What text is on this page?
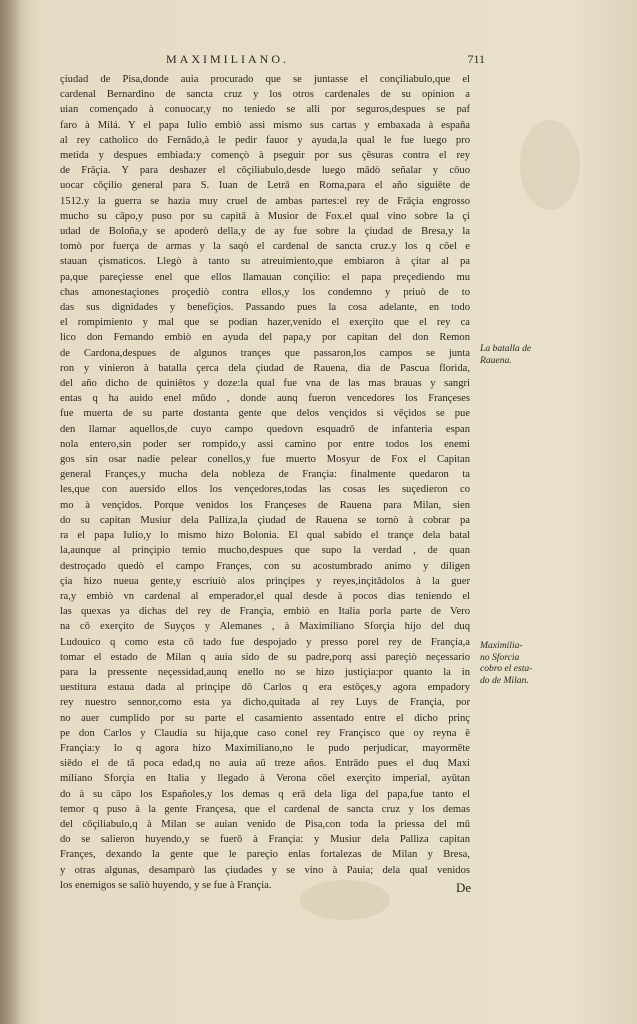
MAXIMILIANO.	711
çiudad de Pisa,donde auia procurado que se juntasse el conçiliabulo,que el
cardenal Bernardino de sancta cruz y los otros cardenales de su opinion a
uian començado à conuocar,y no teniedo se alli por seguros,despues se paf
faro à Milá. Y el papa Iulio embiò assi mismo sus cartas y embaxada à españa
al rey catholico do Fernādo,à le pedir fauor y ayuda,la qual le fue luego pro
metida y despues embiada:y començò à pseguir por sus çēsuras contra el rey
de Frāçia. Y para deshazer el cōçiliabulo,desde luego mādò señalar y cōuo
uocar cōçilio general para S. Iuan de Letrā en Roma,para el año siguiēte de
1512.y la guerra se hazia muy cruel de ambas partes:el rey de Frāçia engrosso
mucho su cāpo,y puso por su capitā à Musior de Fox.el qual vino sobre la çi
udad de Boloña,y se apoderò della,y de ay fue sobre la çiudad de Bresa,y la
tomò por fuerça de armas y la saqò el cardenal de sancta cruz.y los q cōel e
stauan çismaticos. Llegò à tanto su atreuimiento,que embiaron à çitar al pa
pa,que pareçiesse enel que ellos llamauan conçilio: el papa preçediendo mu
chas amonestaçiones proçediò contra ellos,y los condemno y priuò de to
das sus dignidades y benefiçios. Passando pues la cosa adelante, en todo
el rompimiento y mal que se podian hazer,venido el exerçito que el rey ca
lico don Fernando embiò en ayuda del papa,y por capitan del don Remon
de Cardona,despues de algunos trançes que passaron,los campos se junta
ron y vinieron à batalla çerca dela çiudad de Rauena, dia de Pascua florida,
del año dicho de quiniētos y doze:la qual fue vna de las mas brauas y sangri
entas q ha auido enel mūdo , donde aunq fueron vencedores los Françeses
fue muerta de su parte dostanta gente que delos vençidos si vēçidos se pue
den llamar aquellos,de cuyo campo quedovn esquadrō de infanteria espan
nola entero,sin poder ser rompido,y assi camino por entre todos los enemi
gos sin osar nadie pelear conellos,y fue muerto Mosyur de Fox el Capitan
general Françes,y mucha dela nobleza de Françia: finalmente quedaron ta
les,que con auersido ellos los vençedores,todas las cosas les suçedieron co
mo à vençidos. Porque venidos los Françeses de Rauena para Milan, sien
do su capitan Musiur dela Palliza,la çiudad de Rauena se tornò à cobrar pa
ra el papa Iulio,y lo mismo hizo Bolonia. El qual sabido el trançe dela batal
la,aunque al prinçipio temio mucho,despues que supo la verdad , de quan
destroçado quedò el campo Françes, con su acostumbrado animo y diligen
çia hizo nueua gente,y escriuiò alos prinçipes y reyes,inçitādolos à la guer
ra,y embiò vn cardenal al emperador,el qual desde à pocos dias teniendo el
las quexas ya dichas del rey de Françia, embiò en Italia porla parte de Vero
na cō exerçito de Suyços y Alemanes , à Maximiliano Sforçia hijo del duq
Ludouico q como esta cō tado fue despojado y presso porel rey de Françia,a
tomar el estado de Milan q auia sido de su padre,porq assi pareçiò neçessario
para la pressente neçessidad,aunq enello no se hizo justiçia:por quanto la in
uestitura estaua dada al prinçipe dō Carlos q era estōçes,y agora empadory
rey nuestro sennor,como esta ya dicho,quitada al rey Luys de Françia, por
no auer cumplido por su parte el casamiento assentado entre el dicho prinç
pe don Carlos y Claudia su hija,que caso conel rey Françisco que oy reyna ē
Françia:y lo q agora hizo Maximiliano,no le pudo perjudicar, mayormēte
siēdo el de tā poca edad,q no auia aū treze años. Entrādo pues el duq Maxi
miliano Sforçia en Italia y llegado à Verona cōel exerçito imperial, ayūtan
do à su cāpo los Españoles,y los demas q erā dela liga del papa,fue tanto el
temor q puso à la gente Françesa, que el cardenal de sancta cruz y los demas
del cōçiliabulo,q à Milan se auian venido de Pisa,con toda la priessa del mū
do se salieron huyendo,y se fuerō à Françia: y Musiur dela Palliza capitan
Françes, dexando la gente que le pareçio enlas fortalezas de Milan y Bresa,
y otras algunas, desamparò las çiudades y se vino à Pauia; dela qual venidos
los enemigos se saliò huyendo, y se fue à Françia.
La batalla de
Rauena.
Maximilia-
no Sforcia
cobro el esta-
do de Milan.
De
